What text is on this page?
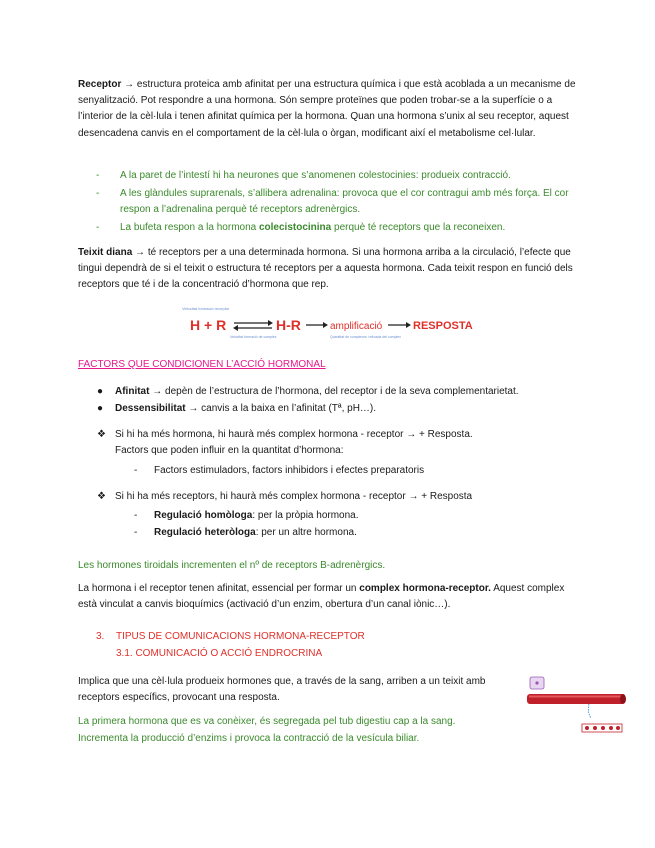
Receptor → estructura proteica amb afinitat per una estructura química i que està acoblada a un mecanisme de senyalització. Pot respondre a una hormona. Són sempre proteïnes que poden trobar-se a la superfície o a l’interior de la cèl·lula i tenen afinitat química per la hormona. Quan una hormona s’unix al seu receptor, aquest desencadena canvis en el comportament de la cèl·lula o òrgan, modificant així el metabolisme cel·lular.
-	A la paret de l’intestí hi ha neurones que s’anomenen colestocinies: produeix contracció.
-	A les glàndules suprarenals, s’allibera adrenalina: provoca que el cor contragui amb més força. El cor respon a l’adrenalina perquè té receptors adrenèrgics.
-	La bufeta respon a la hormona colecistocinina perquè té receptors que la reconeixen.
Teixit diana → té receptors per a una determinada hormona. Si una hormona arriba a la circulació, l’efecte que tingui dependrà de si el teixit o estructura té receptors per a aquesta hormona. Cada teixit respon en funció dels receptors que té i de la concentració d’hormona que rep.
Velocitat formació receptor
H + R	H-R	amplificació	RESPOSTA
Velocitat formació de complex	Quantitat de complexos i eficacia del complex
FACTORS QUE CONDICIONEN L’ACCIÓ HORMONAL
● Afinitat → depèn de l’estructura de l’hormona, del receptor i de la seva complementarietat.
● Dessensibilitat → canvis a la baixa en l’afinitat (Tª, pH…).
❖ Si hi ha més hormona, hi haurà més complex hormona - receptor → + Resposta.
Factors que poden influir en la quantitat d’hormona:
- Factors estimuladors, factors inhibidors i efectes preparatoris
❖ Si hi ha més receptors, hi haurà més complex hormona - receptor → + Resposta
- Regulació homòloga: per la pròpia hormona.
- Regulació heteròloga: per un altre hormona.
Les hormones tiroidals incrementen el nº de receptors B-adrenèrgics.
La hormona i el receptor tenen afinitat, essencial per formar un complex hormona-receptor. Aquest complex està vinculat a canvis bioquímics (activació d’un enzim, obertura d’un canal iònic…).
3. TIPUS DE COMUNICACIONS HORMONA-RECEPTOR
3.1. COMUNICACIÓ O ACCIÓ ENDROCRINA
Implica que una cèl·lula produeix hormones que, a través de la sang, arriben a un teixit amb receptors específics, provocant una resposta.
La primera hormona que es va conèixer, és segregada pel tub digestiu cap a la sang.
Incrementa la producció d’enzims i provoca la contracció de la vesícula biliar.
